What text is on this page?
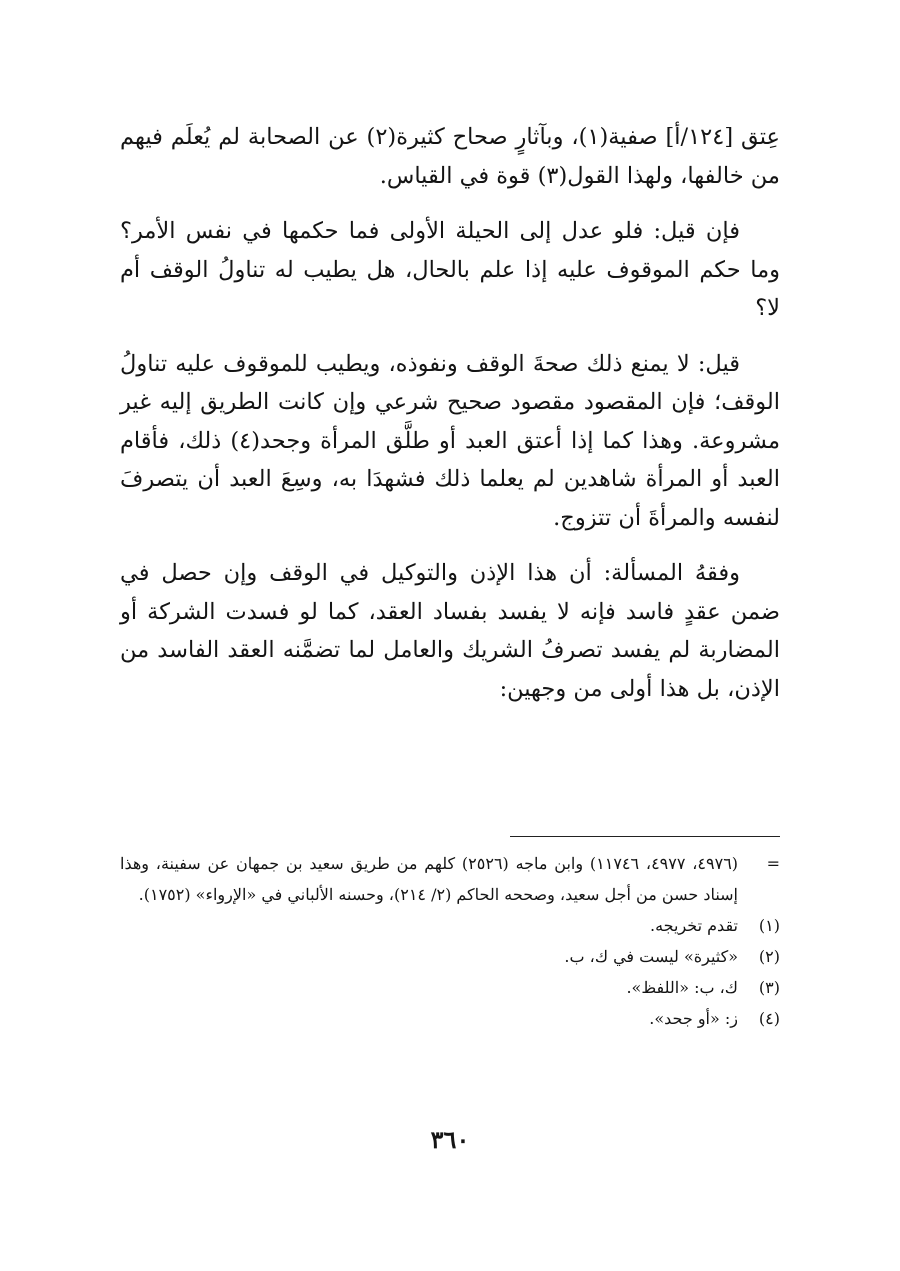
عِتق [١٢٤/أ] صفية(١)، وبآثارٍ صحاح كثيرة(٢) عن الصحابة لم يُعلَم فيهم من خالفها، ولهذا القول(٣) قوة في القياس.

فإن قيل: فلو عدل إلى الحيلة الأولى فما حكمها في نفس الأمر؟ وما حكم الموقوف عليه إذا علم بالحال، هل يطيب له تناولُ الوقف أم لا؟

قيل: لا يمنع ذلك صحةَ الوقف ونفوذه، ويطيب للموقوف عليه تناولُ الوقف؛ فإن المقصود مقصود صحيح شرعي وإن كانت الطريق إليه غير مشروعة. وهذا كما إذا أعتق العبد أو طلَّق المرأة وجحد(٤) ذلك، فأقام العبد أو المرأة شاهدين لم يعلما ذلك فشهدَا به، وسِعَ العبد أن يتصرفَ لنفسه والمرأةَ أن تتزوج.

وفقهُ المسألة: أن هذا الإذن والتوكيل في الوقف وإن حصل في ضمن عقدٍ فاسد فإنه لا يفسد بفساد العقد، كما لو فسدت الشركة أو المضاربة لم يفسد تصرفُ الشريك والعامل لما تضمَّنه العقد الفاسد من الإذن، بل هذا أولى من وجهين:

=
(٤٩٧٦، ٤٩٧٧، ١١٧٤٦) وابن ماجه (٢٥٢٦) كلهم من طريق سعيد بن جمهان عن سفينة، وهذا إسناد حسن من أجل سعيد، وصححه الحاكم (٢/ ٢١٤)، وحسنه الألباني في «الإرواء» (١٧٥٢).
(١)
تقدم تخريجه.
(٢)
«كثيرة» ليست في ك، ب.
(٣)
ك، ب: «اللفظ».
(٤)
ز: «أو جحد».
٣٦٠
